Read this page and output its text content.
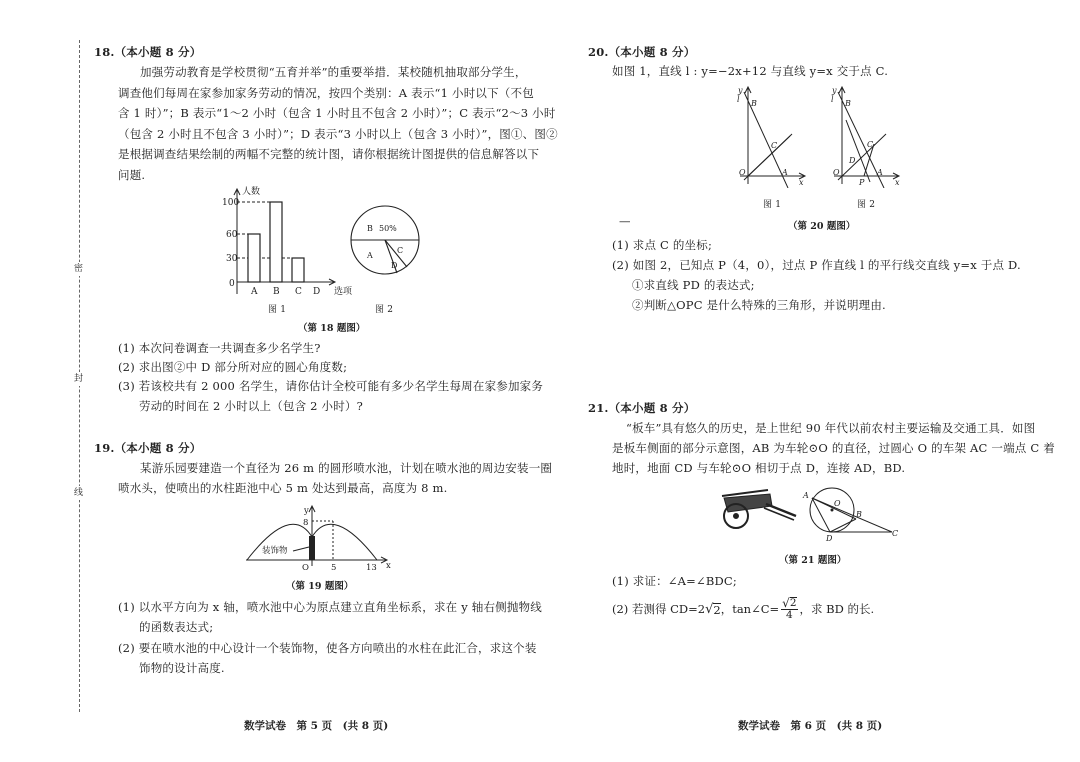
密
封
线
18.（本小题 8 分）
加强劳动教育是学校贯彻“五育并举”的重要举措．某校随机抽取部分学生，
调查他们每周在家参加家务劳动的情况，按四个类别：A 表示“1 小时以下（不包
含 1 时）”；B 表示“1～2 小时（包含 1 小时且不包含 2 小时）”；C 表示“2～3 小时
（包含 2 小时且不包含 3 小时）”；D 表示“3 小时以上（包含 3 小时）”，图①、图②
是根据调查结果绘制的两幅不完整的统计图，请你根据统计图提供的信息解答以下
问题.
100
60
30
0
人数
选项
A B C D
图 1
B 50%
A
C
D
图 2
（第 18 题图）
(1) 本次问卷调查一共调查多少名学生?
(2) 求出图②中 D 部分所对应的圆心角度数;
(3) 若该校共有 2 000 名学生，请你估计全校可能有多少名学生每周在家参加家务
劳动的时间在 2 小时以上（包含 2 小时）?
19.（本小题 8 分）
某游乐园要建造一个直径为 26 m 的圆形喷水池，计划在喷水池的周边安装一圈
喷水头，使喷出的水柱距池中心 5 m 处达到最高，高度为 8 m.
y
8
O	5	13 x
装饰物
（第 19 题图）
(1) 以水平方向为 x 轴，喷水池中心为原点建立直角坐标系，求在 y 轴右侧抛物线
的函数表达式;
(2) 要在喷水池的中心设计一个装饰物，使各方向喷出的水柱在此汇合，求这个装
饰物的设计高度.
数学试卷　第 5 页　(共 8 页)
20.（本小题 8 分）
如图 1，直线 l : y=−2x+12 与直线 y=x 交于点 C.
y
l B
C
O	A
x
图 1
y
l B
C
D
O
P
A
x
图 2
—	（第 20 题图）
(1) 求点 C 的坐标;
(2) 如图 2，已知点 P（4，0），过点 P 作直线 l 的平行线交直线 y=x 于点 D.
①求直线 PD 的表达式;
②判断△OPC 是什么特殊的三角形，并说明理由.
21.（本小题 8 分）
“板车”具有悠久的历史，是上世纪 90 年代以前农村主要运输及交通工具．如图
是板车侧面的部分示意图，AB 为车轮⊙O 的直径，过圆心 O 的车架 AC 一端点 C 着
地时，地面 CD 与车轮⊙O 相切于点 D，连接 AD，BD.
A
O
B
C
D
（第 21 题图）
(1) 求证：∠A=∠BDC;
(2) 若测得 CD=2 √ 2 ，tan∠C= $\frac{√ 2}{4}$ ，求 BD 的长.
数学试卷　第 6 页　(共 8 页)
